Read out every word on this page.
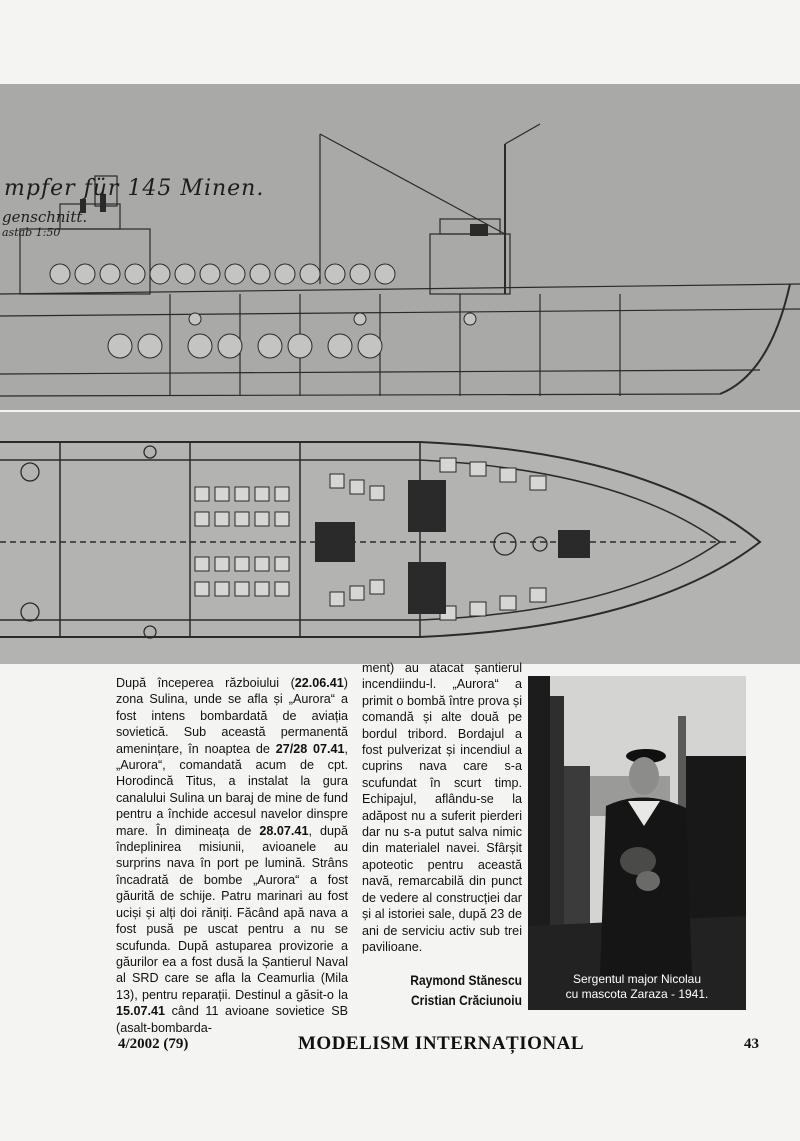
mpfer für 145 Minen.
genschnitt.
astab 1:50

După începerea războiului (22.06.41) zona Sulina, unde se afla și „Aurora“ a fost intens bombardată de aviația sovietică. Sub această permanentă amenințare, în noaptea de 27/28 07.41, „Aurora“, comandată acum de cpt. Horodincă Titus, a instalat la gura canalului Sulina un baraj de mine de fund pentru a închide accesul navelor dinspre mare. În dimineața de 28.07.41, după îndeplinirea misiunii, avioanele au surprins nava în port pe lumină. Strâns încadrată de bombe „Aurora“ a fost găurită de schije. Patru marinari au fost uciși și alți doi răniți. Făcând apă nava a fost pusă pe uscat pentru a nu se scufunda. După astuparea provizorie a găurilor ea a fost dusă la Șantierul Naval al SRD care se afla la Ceamurlia (Mila 13), pentru reparații. Destinul a găsit-o la 15.07.41 când 11 avioane sovietice SB (asalt-bombarda-

ment) au atacat șantierul incendiindu-l. „Aurora“ a primit o bombă între prova și comandă și alte două pe bordul tribord. Bordajul a fost pulverizat și incendiul a cuprins nava care s-a scufundat în scurt timp. Echipajul, aflându-se la adăpost nu a suferit pierderi dar nu s-a putut salva nimic din materialel navei. Sfârșit apoteotic pentru această navă, remarcabilă din punct de vedere al construcției dar și al istoriei sale, după 23 de ani de serviciu activ sub trei pavilioane.

Raymond Stănescu
Cristian Crăciunoiu
Sergentul major Nicolau
cu mascota Zaraza - 1941.
4/2002 (79)	MODELISM INTERNAȚIONAL	43
